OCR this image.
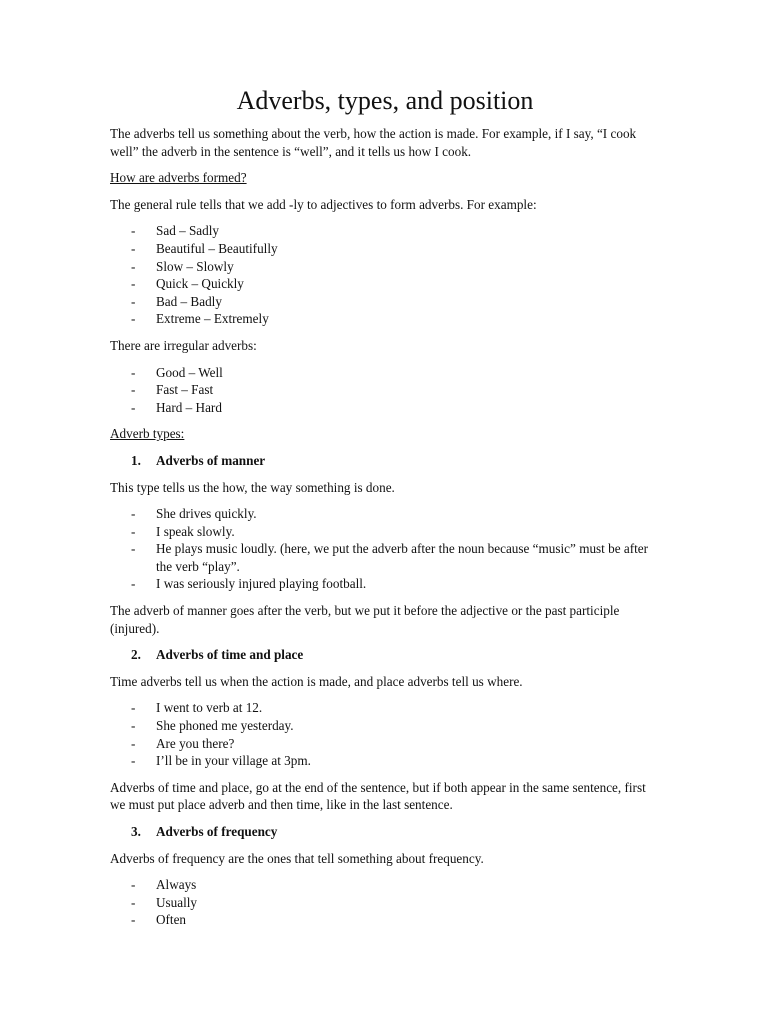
Adverbs, types, and position

The adverbs tell us something about the verb, how the action is made. For example, if I say, “I cook well” the adverb in the sentence is “well”, and it tells us how I cook.

How are adverbs formed?

The general rule tells that we add -ly to adjectives to form adverbs. For example:

- Sad – Sadly
- Beautiful – Beautifully
- Slow – Slowly
- Quick – Quickly
- Bad – Badly
- Extreme – Extremely

There are irregular adverbs:

- Good – Well
- Fast – Fast
- Hard – Hard
Adverb types:
1. Adverbs of manner

This type tells us the how, the way something is done.

- She drives quickly.
- I speak slowly.
- He plays music loudly. (here, we put the adverb after the noun because “music” must be after the verb “play”.
- I was seriously injured playing football.

The adverb of manner goes after the verb, but we put it before the adjective or the past participle (injured).

2. Adverbs of time and place

Time adverbs tell us when the action is made, and place adverbs tell us where.

- I went to verb at 12.
- She phoned me yesterday.
- Are you there?
- I’ll be in your village at 3pm.

Adverbs of time and place, go at the end of the sentence, but if both appear in the same sentence, first we must put place adverb and then time, like in the last sentence.

3. Adverbs of frequency

Adverbs of frequency are the ones that tell something about frequency.

- Always
- Usually
- Often
